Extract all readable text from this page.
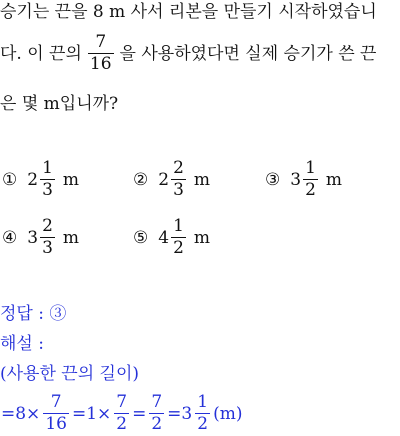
승기는 끈을 8 m 사서 리본을 만들기 시작하였습니
다. 이 끈의 $\frac{7}{16}$ 을 사용하였다면 실제 승기가 쓴 끈
은 몇 m입니까?
① $2 \frac{1}{3}$ m	② $2 \frac{2}{3}$ m	③ $3 \frac{1}{2}$ m
④ $3 \frac{2}{3}$ m	⑤ $4 \frac{1}{2}$ m
정답 : ③
해설 :
(사용한 끈의 길이)
$=8\times \frac{7}{16} =1\times \frac{7}{2} = \frac{7}{2} =3 \frac{1}{2} (m)$
